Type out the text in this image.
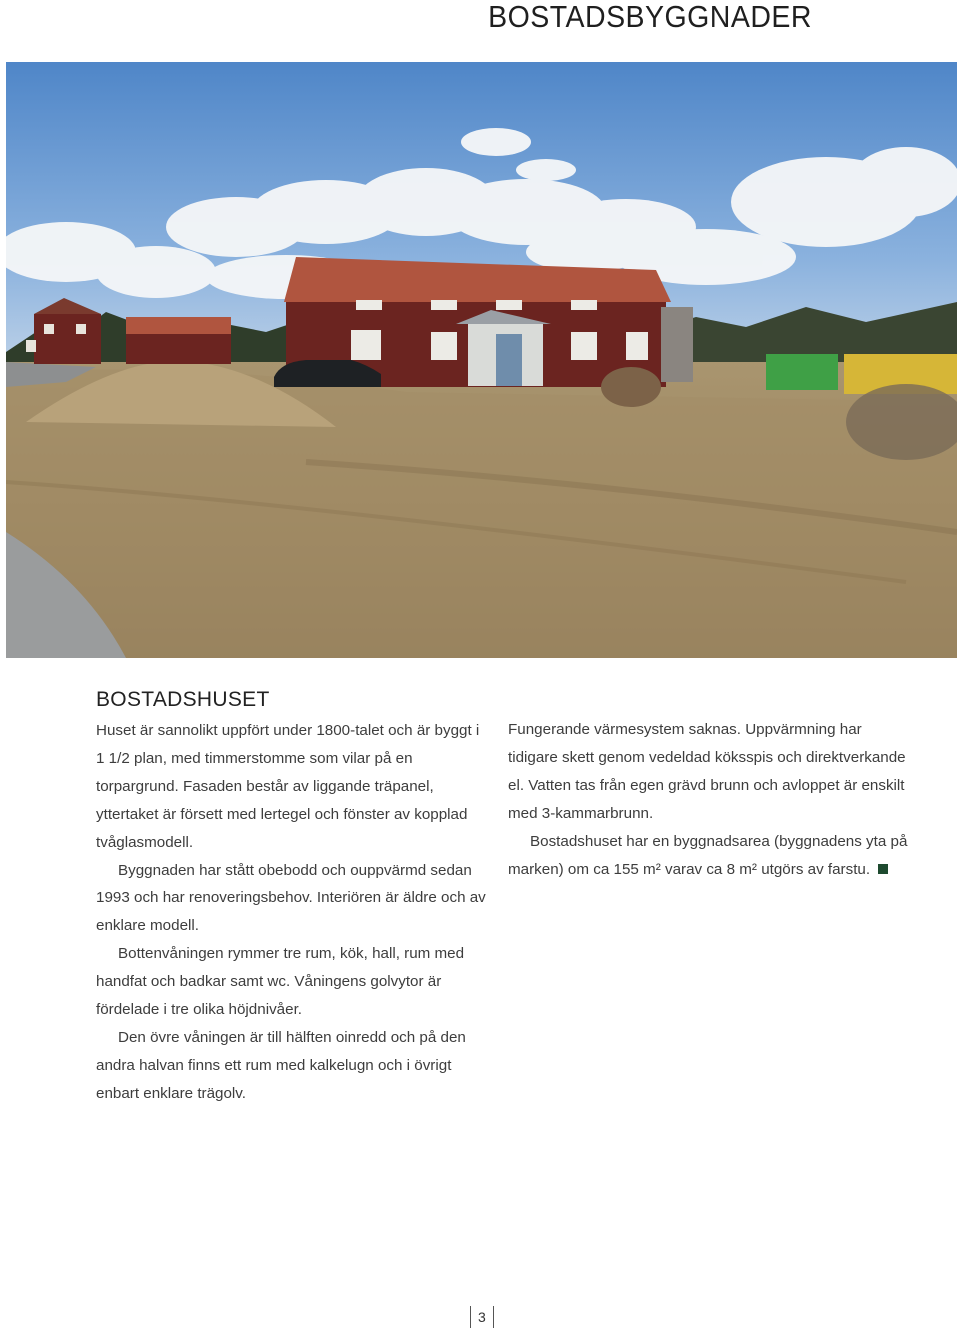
BOSTADSBYGGNADER
BOSTADSHUSET

Huset är sannolikt uppfört under 1800-talet och är byggt i 1 1/2 plan, med timmerstomme som vilar på en torpargrund. Fasaden består av liggande träpanel, yttertaket är försett med lertegel och fönster av kopplad tvåglasmodell.

Byggnaden har stått obebodd och ouppvärmd sedan 1993 och har renoveringsbehov. Interiören är äldre och av enklare modell.

Bottenvåningen rymmer tre rum, kök, hall, rum med handfat och badkar samt wc. Våningens golvytor är fördelade i tre olika höjdnivåer.

Den övre våningen är till hälften oinredd och på den andra halvan finns ett rum med kalkelugn och i övrigt enbart enklare trägolv.

Fungerande värmesystem saknas. Uppvärmning har tidigare skett genom vedeldad köksspis och direktverkande el. Vatten tas från egen grävd brunn och avloppet är enskilt med 3-kammarbrunn.

Bostadshuset har en byggnadsarea (byggnadens yta på marken) om ca 155 m² varav ca 8 m² utgörs av farstu.

3
